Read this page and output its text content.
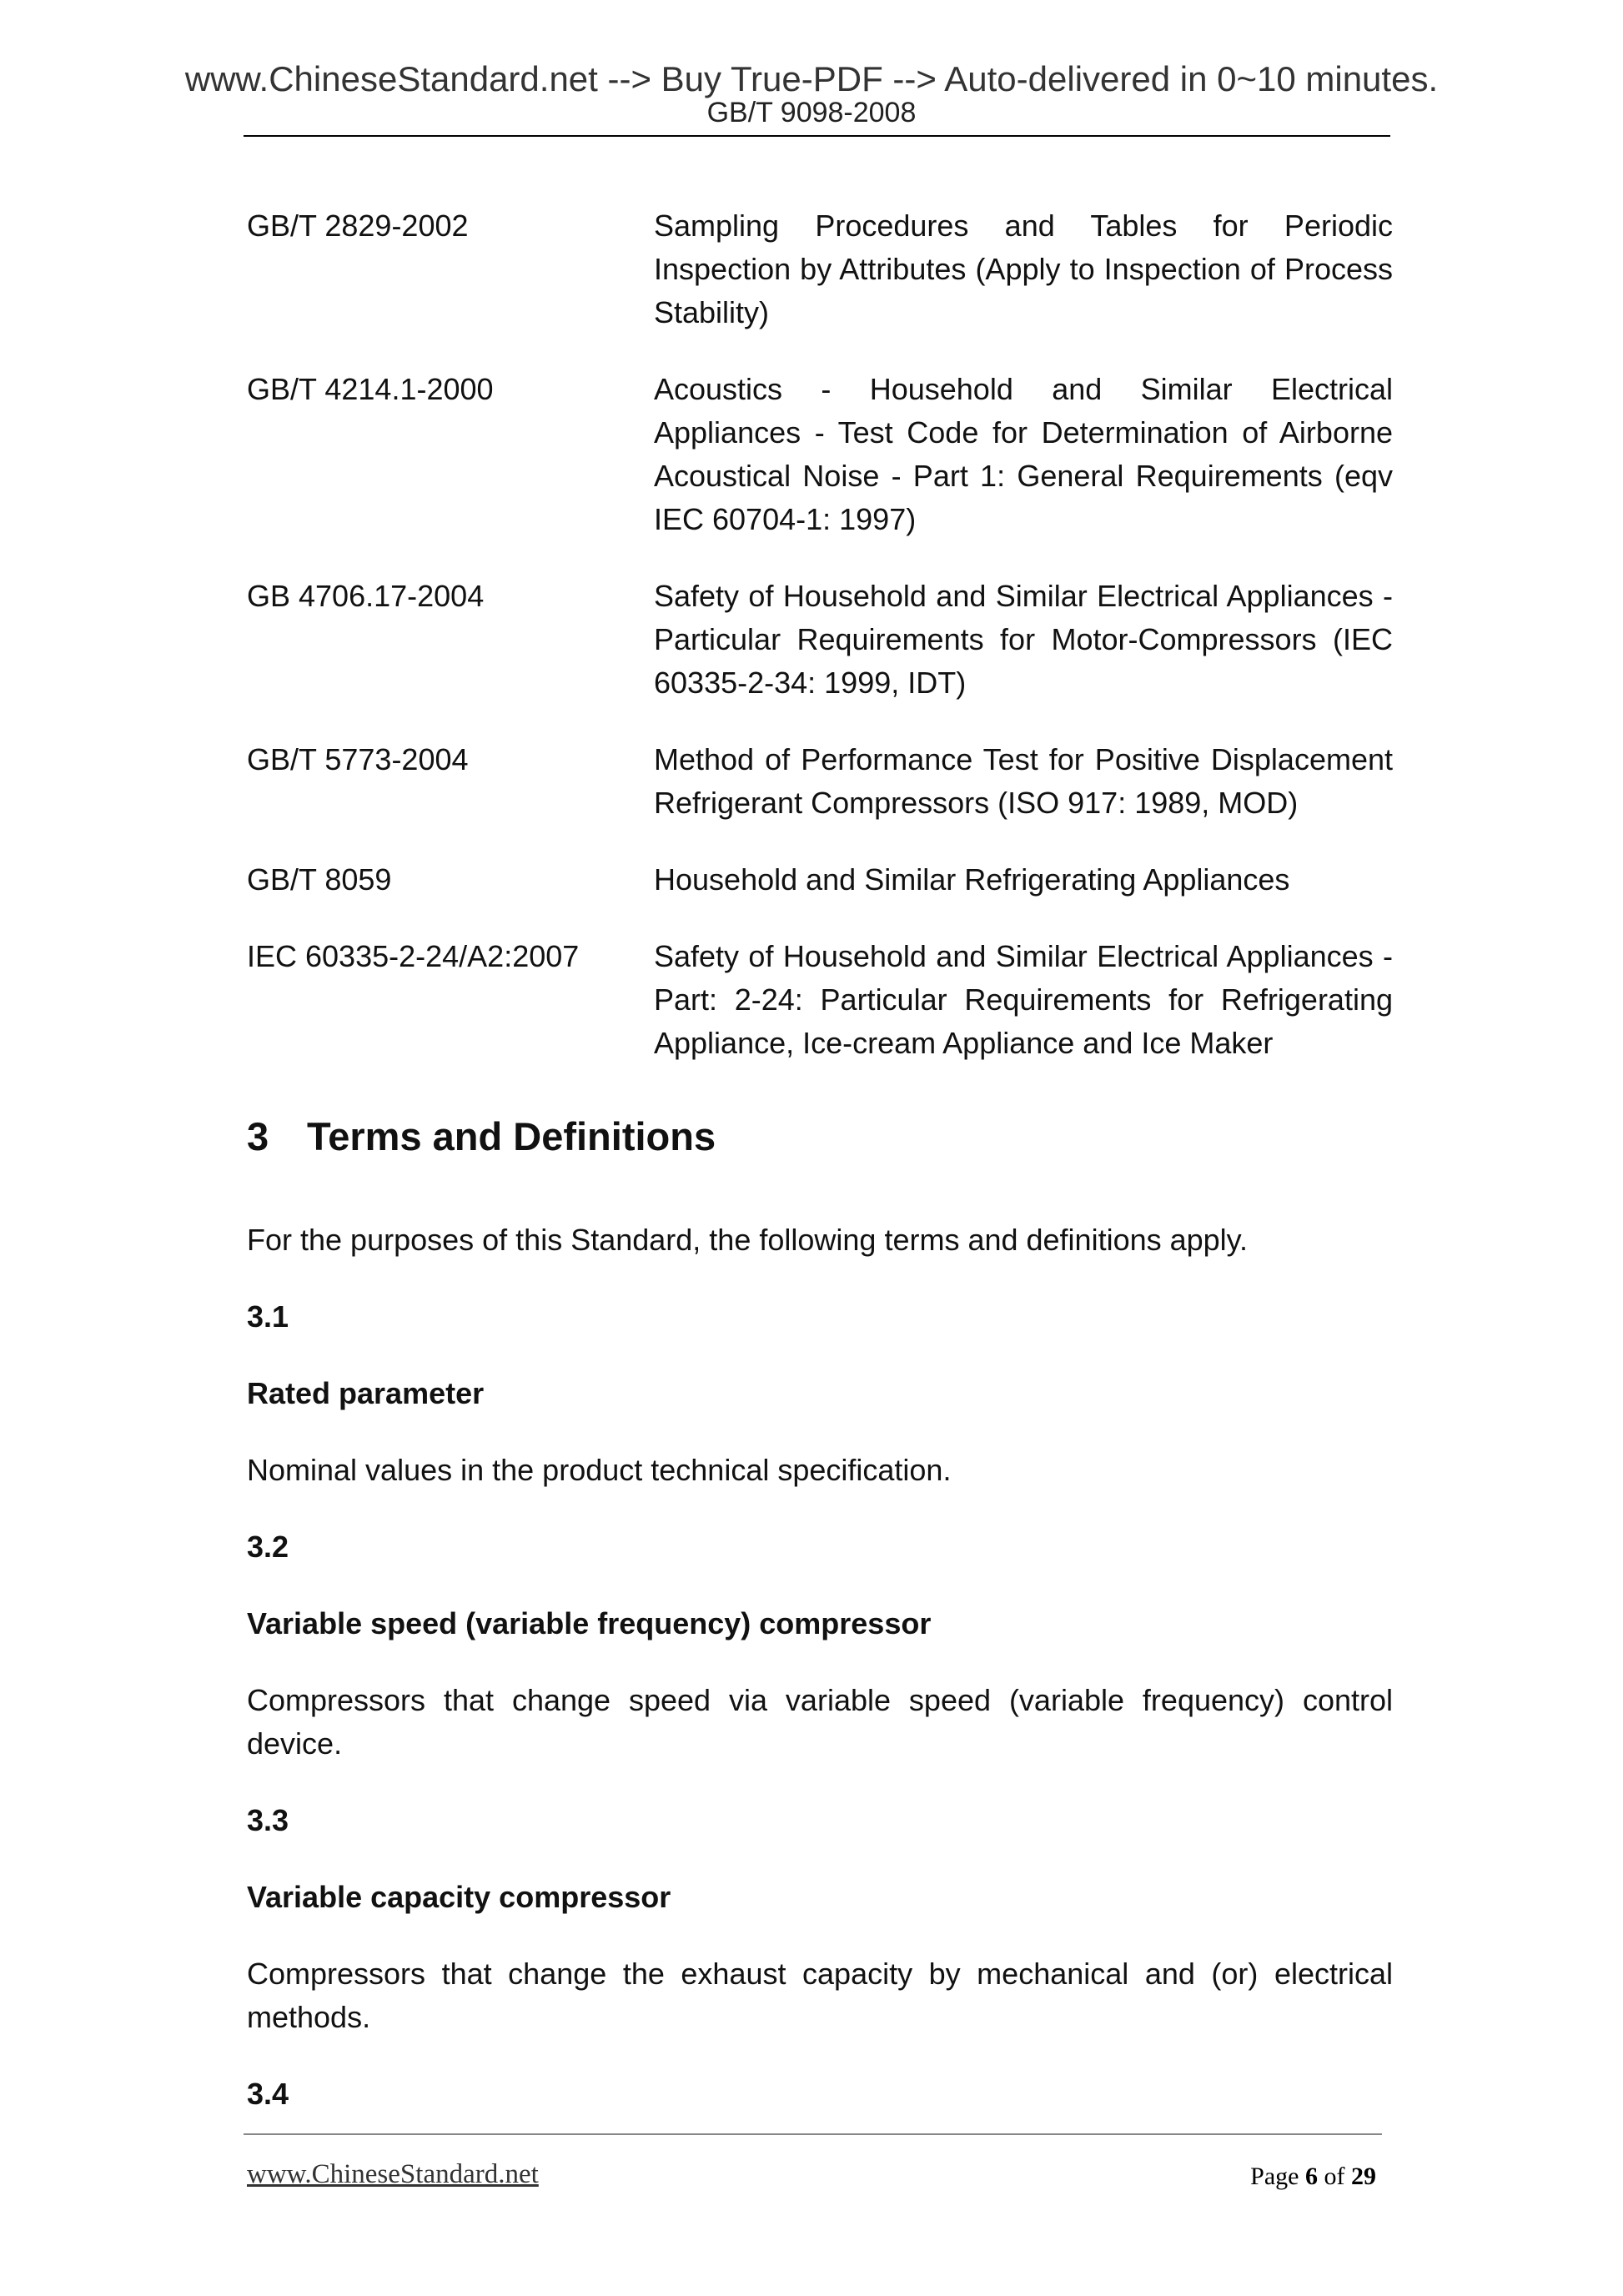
www.ChineseStandard.net --> Buy True-PDF --> Auto-delivered in 0~10 minutes.
GB/T 9098-2008
GB/T 2829-2002	Sampling Procedures and Tables for Periodic Inspection by Attributes (Apply to Inspection of Process Stability)
GB/T 4214.1-2000	Acoustics - Household and Similar Electrical Appliances - Test Code for Determination of Airborne Acoustical Noise - Part 1: General Requirements (eqv IEC 60704-1: 1997)
GB 4706.17-2004	Safety of Household and Similar Electrical Appliances - Particular Requirements for Motor-Compressors (IEC 60335-2-34: 1999, IDT)
GB/T 5773-2004	Method of Performance Test for Positive Displacement Refrigerant Compressors (ISO 917: 1989, MOD)
GB/T 8059	Household and Similar Refrigerating Appliances
IEC 60335-2-24/A2:2007	Safety of Household and Similar Electrical Appliances - Part: 2-24: Particular Requirements for Refrigerating Appliance, Ice-cream Appliance and Ice Maker
3 Terms and Definitions
For the purposes of this Standard, the following terms and definitions apply.
3.1
Rated parameter
Nominal values in the product technical specification.
3.2
Variable speed (variable frequency) compressor
Compressors that change speed via variable speed (variable frequency) control device.
3.3
Variable capacity compressor
Compressors that change the exhaust capacity by mechanical and (or) electrical methods.
3.4
www.ChineseStandard.net	Page 6 of 29
